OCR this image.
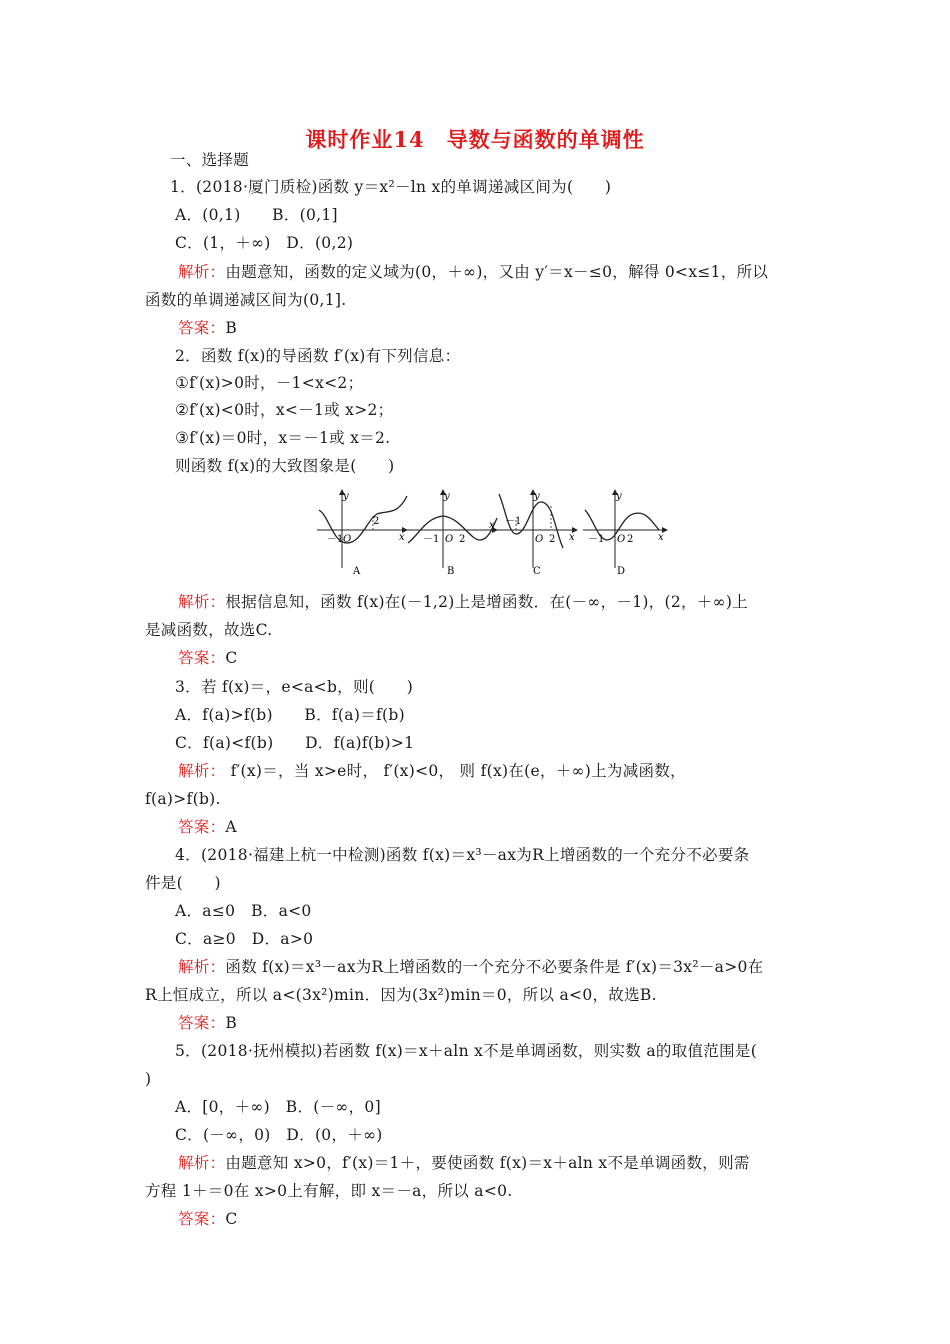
课时作业14　导数与函数的单调性
一、选择题
1．(2018·厦门质检)函数 y＝x²－ln x的单调递减区间为(　　)
A．(0,1)　　B．(0,1]
C．(1，＋∞)　D．(0,2)
解析：由题意知，函数的定义域为(0，＋∞)，又由 y′＝x－≤0，解得 0<x≤1，所以
函数的单调递减区间为(0,1].
答案：B
2．函数 f(x)的导函数 f′(x)有下列信息：
①f′(x)>0时，－1<x<2；
②f′(x)<0时，x<－1或 x>2；
③f′(x)＝0时，x＝－1或 x＝2.
则函数 f(x)的大致图象是(　　)
解析：根据信息知，函数 f(x)在(－1,2)上是增函数．在(－∞，－1)，(2，＋∞)上
是减函数，故选C.
答案：C
3．若 f(x)＝，e<a<b，则(　　)
A．f(a)>f(b)　　B．f(a)＝f(b)
C．f(a)<f(b)　　D．f(a)f(b)>1
解析： f′(x)＝，当 x>e时， f′(x)<0， 则 f(x)在(e，＋∞)上为减函数，
f(a)>f(b).
答案：A
4．(2018·福建上杭一中检测)函数 f(x)＝x³－ax为R上增函数的一个充分不必要条
件是(　　)
A．a≤0　B．a<0
C．a≥0　D．a>0
解析：函数 f(x)＝x³－ax为R上增函数的一个充分不必要条件是 f′(x)＝3x²－a>0在
R上恒成立，所以 a<(3x²)min．因为(3x²)min＝0，所以 a<0，故选B.
答案：B
5．(2018·抚州模拟)若函数 f(x)＝x＋aln x不是单调函数，则实数 a的取值范围是(
)
A．[0，＋∞)　B．(－∞，0]
C．(－∞，0)　D．(0，＋∞)
解析：由题意知 x>0，f′(x)＝1＋，要使函数 f(x)＝x＋aln x不是单调函数，则需
方程 1＋＝0在 x>0上有解，即 x＝－a，所以 a<0.
答案：C
y
x
－1 O
2
A
y
x
－1 O 2
B
y
x
－1
O 2
C
y
x
－1 O 2
D
